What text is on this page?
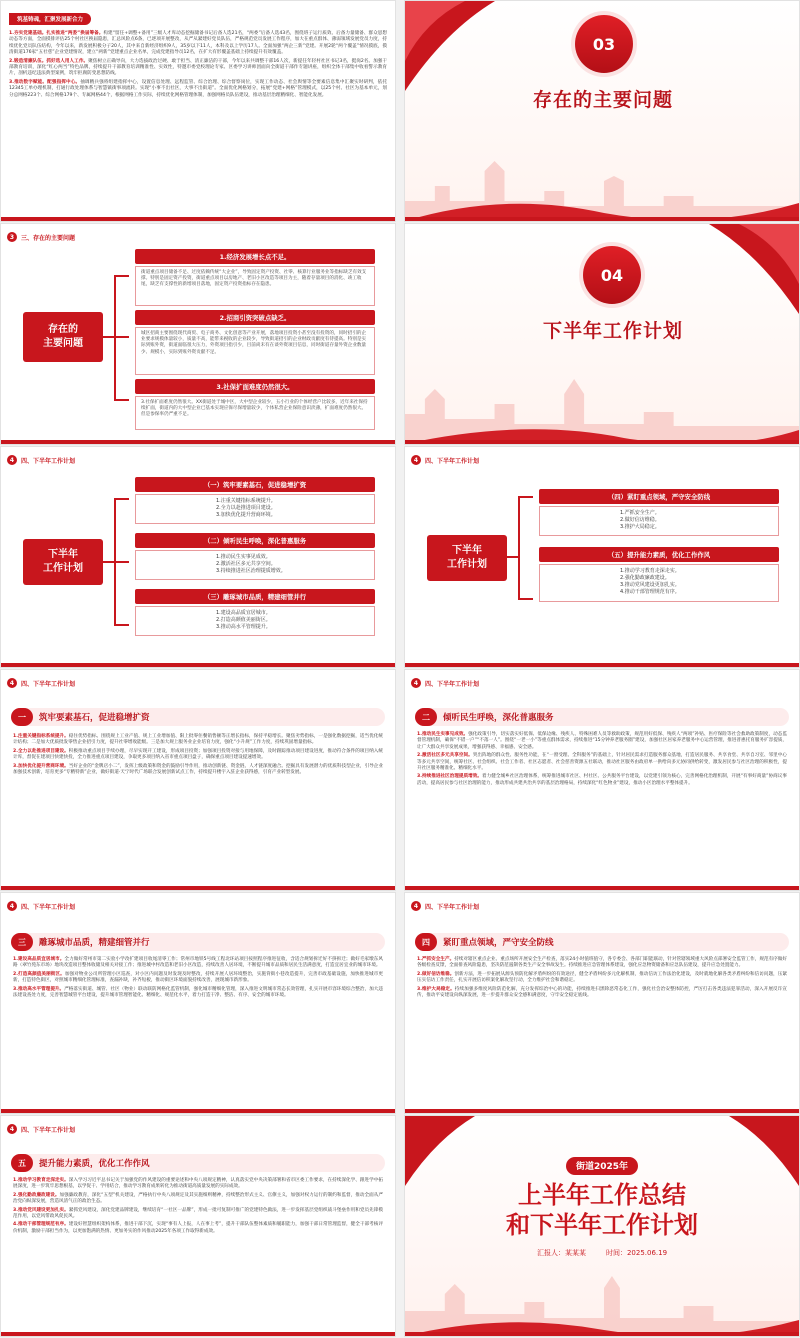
筑基铸魂，汇聚发展新合力

1.夯实党建基础。扎实推进“两委”换届筹备。构建“留任+调整+备用”三级人才库动态挖掘储备书记后备人选21名，“两委”后备人选43名，围绕班子运行质效、后备力量储备、群众思想动态等方面，全面摸排评估25个村社区换届隐患，汇总风险点6条，已逐项开展整改，从严从紧建好党员队伍，严格规范党员发展工作程序，加大在重点群体、薄弱领域发展党员力度，持续优化党员队伍结构，今年以来，新发展积极分子20人，其中来自新经济组织9人，35岁以下11人，本科及以上学历17人。全面加强“两企三新”党建。开展2轮“两个覆盖”情况摸底，摸清街道176家“五社慈”企业党建情况，建立“两新”党建重点企业名单，完成党建指导员12名，在扩大有形覆盖基础上持续提升有效覆盖。

2.锻造清廉队伍。抓好选人用人工作。聚焦树立正确导向，大力选拔政治过硬、敢于担当、清正廉洁的干部，今年以来共调整干部16人次，新提任年轻村社区书记3名，挺岗2名。加强干部教育培训，深化“红心两当”特色品牌，持续提升干部教育培训精准性、实效性，特邀市委党校理论专家、区委学习讲师团面向全街道干部作专题讲座，组织全体干部集中收看警示教育片，剖析违纪违法典型案例，筑牢拒腐防变思想防线。

3.推动数字赋能。配强指挥中心。抽调精兵强将组建指挥中心，设置信息处理、远程监管、综合治理、综合督察岗位，实现工作动态、社会舆情等全要素信息集中汇聚实时研判，依托12345工单办理机制，打通行政处理体系与智慧镇街事项流转。实现“小事不出社区，大事不出街道”。全面优化网格划分，拓展“党建+网格”管理模式，以25个村、社区为基本单元，划分总网格223个、综合网格179个、专属网格44个，根据网格工作实际，持续优化网格管理体制，加强网格员队伍建设，推动基层治理精细化、智能化发展。

03
存在的主要问题
3	三、存在的主要问题
存在的
主要问题
1.经济发展增长点不足。
街道重点项目储备不足、过度依赖传统“大企业”，导致固定资产投资、社零、核算行业服务业等指标缺乏有效支撑。特别是固定资产投资，街道重点项目以房地产、老旧小区改造等项目为主，随着存量项目的消化、竣工收尾，缺乏有支撑性的新增项目落地，固定资产投资指标存在隐患。
2.招商引资突破点缺乏。
城区招商主要围绕现代商贸、电子商务、文化创意等产业开展，落地项目投资小甚至没有投资的，同时招引的企业要求规模体量较小，质量不高，能带来税收的企业较少，导致街道招引的企业财政贡献度有待提高。特别是实际到账外资，街道面临很大压力，外资项目指引少，目前尚未有在谈外资项目信息，同时街道存量外资企业数量少、规模小，实际到账外资贡献不足。
3.社保扩面难度仍然很大。
3.社保扩面难度仍然很大。XX街道处于城中区，大中型企业较少，五小行业的个体经营户比较多，近年来社保持续扩面，街道内的大中型企业已基本实现应保尽保增量较少，个体私营企业保险意识淡薄，扩面难度仍然很大。但是参保率仍严重不足。
04
下半年工作计划
4	四、下半年工作计划
下半年
工作计划
（一）筑牢要素基石，促进稳增扩资
1.注重关键指标系统提升。
2.全力以赴推进项目建设。
3.加快优化提升营商环境。
（二）倾听民生呼唤，深化普惠服务
1.推动民生实事见成效。
2.激活社区多元共享空间。
3.持续推进社区治理提质增效。
（三）雕琢城市品质，精建细管并行
1.建设高品质宜居城市。
2.打造高颜值美丽街区。
3.推动高水平管理提升。
4	四、下半年工作计划
下半年
工作计划
（四）紧盯重点领域，严守安全防线
1.严抓安全生产。
2.做好信访维稳。
3.推护大局稳定。
（五）提升能力素质，优化工作作风
1.推动学习教育走深走实。
2.强化勤政廉政建设。
3.推动党风建设更加扎实。
4.推动干部管理规范有序。
4	四、下半年工作计划
一	筑牢要素基石，促进稳增扩资

1.注重关键指标系统提升。稳住优势指标。围绕规上工业产值、规上工业增加值、限上批零住餐销售额等正增长指标，保持平稳增长。聚焦劣势指标，一是强化数据挖掘，适当优化统计结构；二是加大优质批发零售企业招引力度，提升社零增收能级。三是加大规上服务业企业培育力度，强化“小升规”工作力度，持续巩固增量指标。

2.全力以赴推进项目建设。积极推动重点项目手续办理，尽早实现开工建设，形成项目投资；加强项目投资对接与用地保障，及时跟踪推动项目建设进度，推动符合条件的项目纳入统计库，督促在建项目快建快投，全力推进重点项目建设，争取更多项目纳入省市重点项目盘子，确保重点项目建设提速增效。

3.加快优化提升营商环境。当好企业的“金牌店小二”，发挥上级政策和资金的鼓励引导作用，推动创新链、资金链、人才链深度融合。挖掘具有发展潜力的优质科技型企业，引导企业加强技术创新，培育更多“专精特新”企业，做好街道·天宁时代广场联合发展创新试点工作，持续提升楼宇入驻企业获得感，引育产业转型发展。

4	四、下半年工作计划
二	倾听民生呼唤，深化普惠服务

1.推动民生实事见成效。强化政策引导，切实落实好低保、低保边缘、残疾人、特殊困难人员等救助政策，规范用好低保、残疾人“两项”补贴、医疗保险等社会救助政策制度，动态监督管理机制，确保“不错一户”“不落一人”。围绕“一老一小”等重点群体需求，持续推进“15分钟养老服务圈”建设，加强社区居家养老服务中心运营管理，推进普惠托育服务扩容提质，让广大群众共享发展成果，增强获得感、幸福感、安全感。

2.激活社区多元共享空间。突出阵地的群众性、服务性功能，在“一窗受理、全科服务”的基础上，针对居民需求打造服务群众基地，打造居民服务、共享食堂、共享自习室、邻里中心等多元共享空间，统筹社区、社会组织、社会工作者、社区志愿者、社会慈善资源五社联动，推动社区服务由政府单一供给向多元协同供给转变，激发居民参与社区治理的积极性，提升社区服务精准化、精细化水平。

3.持续推进社区治理提质增效。着力健全城乡社区治理体系，统筹推进城市社区、村社区、公共服务平台建设，以党建引领为核心，完善网格化治理机制，开展“有事好商量”协商议事活动，提高居民参与社区治理的能力，推动形成共建共治共享的基层治理格局，持续深化“红色物业”建设，推动小区治理水平整体提升。

4	四、下半年工作计划
三	雕琢城市品质，精建细管并行

1.建设高品质宜居城市。全力做好常州市第二实验小学改扩建项目收尾清零工作；常州市地铁5号线工程北环站项目按照程序推进征收，含适合规划拆迁好不挤拆迁；做好毛家墩东风路（翠竹苑东市场）地块改造项目整体收储及相关对接工作；推进城中村改造和老旧小区改造，持续改善人居环境，不断提升城市品质和居民生活满意度，打造宜居宜业的城市环境。

2.打造高颜值美丽街区。加强对物业公司所管理小区巡查，对小区内问题及时发现及时整改，持续开展人居环境整治，实施背街小巷改造提升，完善市政基础设施，加快推进城市更新，打造特色街区，对照城市精细化管理标准，查漏补缺，补齐短板，推动街区环境面貌持续改善，展现城市新形象。

3.推动高水平管理提升。严格落实街道、城管、社区（物业）联动联防网格化监管机制，强化城市精细化管理，深入推进文明城市常态长效管理，扎实开展市容环境综合整治，加大违法建设查处力度，完善智慧城管平台建设，提升城市管理智能化、精细化、规范化水平，着力打造干净、整洁、有序、安全的城市环境。

4	四、下半年工作计划
四	紧盯重点领域，严守安全防线

1.严抓安全生产。持续对辖区重点企业、重点场所开展安全生产检查，落实24小时值班值守，各专委会、各部门职能联动，针对管辖领域重大风险点部署安全监管工作，规范有序做好各级检查反馈，全面排查风险隐患，坚决防范遏制各类生产安全事故发生。持续推进应急管理体系建设，强化应急物资储备和应急队伍建设，提升应急处置能力。

2.做好信访维稳。创新方法，进一步拓展从源头预防化解矛盾纠纷的有效途径，健全矛盾纠纷多元化解机制，推动信访工作法治化建设，及时就地化解各类矛盾纠纷和信访问题，压紧压实信访工作责任，扎实开展信访积案化解攻坚行动，全力维护社会和谐稳定。

3.维护大局稳定。持续加强多维度风险防范化解，充分发挥综治中心的功能，持续推进扫黑除恶常态化工作，强化社会治安整体防控，严厉打击各类违法犯罪活动，深入开展反诈宣传，推动平安建设向纵深发展，进一步提升群众安全感和满意度，守牢安全稳定底线。

4	四、下半年工作计划
五	提升能力素质，优化工作作风

1.推动学习教育走深走实。深入学习习近平总书记关于加强党的作风建设的重要论述和中央八项规定精神，认真落实党中央决策部署和省市区委工作要求，在持续深化学、跟进学中拓展深度，进一步筑牢思想根基，以学促干、学用结合，推动学习教育成果转化为推动街道高质量发展的实际成效。

2.强化勤政廉政建设。加强廉政教育，深化“五型”机关建设，严格执行中央八项规定及其实施细则精神，持续整治形式主义、官僚主义，加强对权力运行的制约和监督，推动全面从严治党向纵深发展，营造风清气正的政治生态。

3.推动党风建设更加扎实。紧抓党风建设，深化党建品牌建设，继续培育“一社区一品牌”，形成一批可复制可推广的党建特色做法，进一步发挥基层党组织战斗堡垒作用和党员先锋模范作用，以党风带政风促民风。

4.推动干部管理规范有序。建设好智慧组织架构体系，推进干部下沉，实现“事有人上报，人在事上考”，提升干部队伍整体素质和履职能力，加强干部日常管理监督，健全干部考核评价机制，激励干部担当作为，以更加饱满的热情、更加务实的作风推动2025年各项工作取得新成效。

街道2025年
上半年工作总结
和下半年工作计划
汇报人：某某某	时间：2025.06.19
